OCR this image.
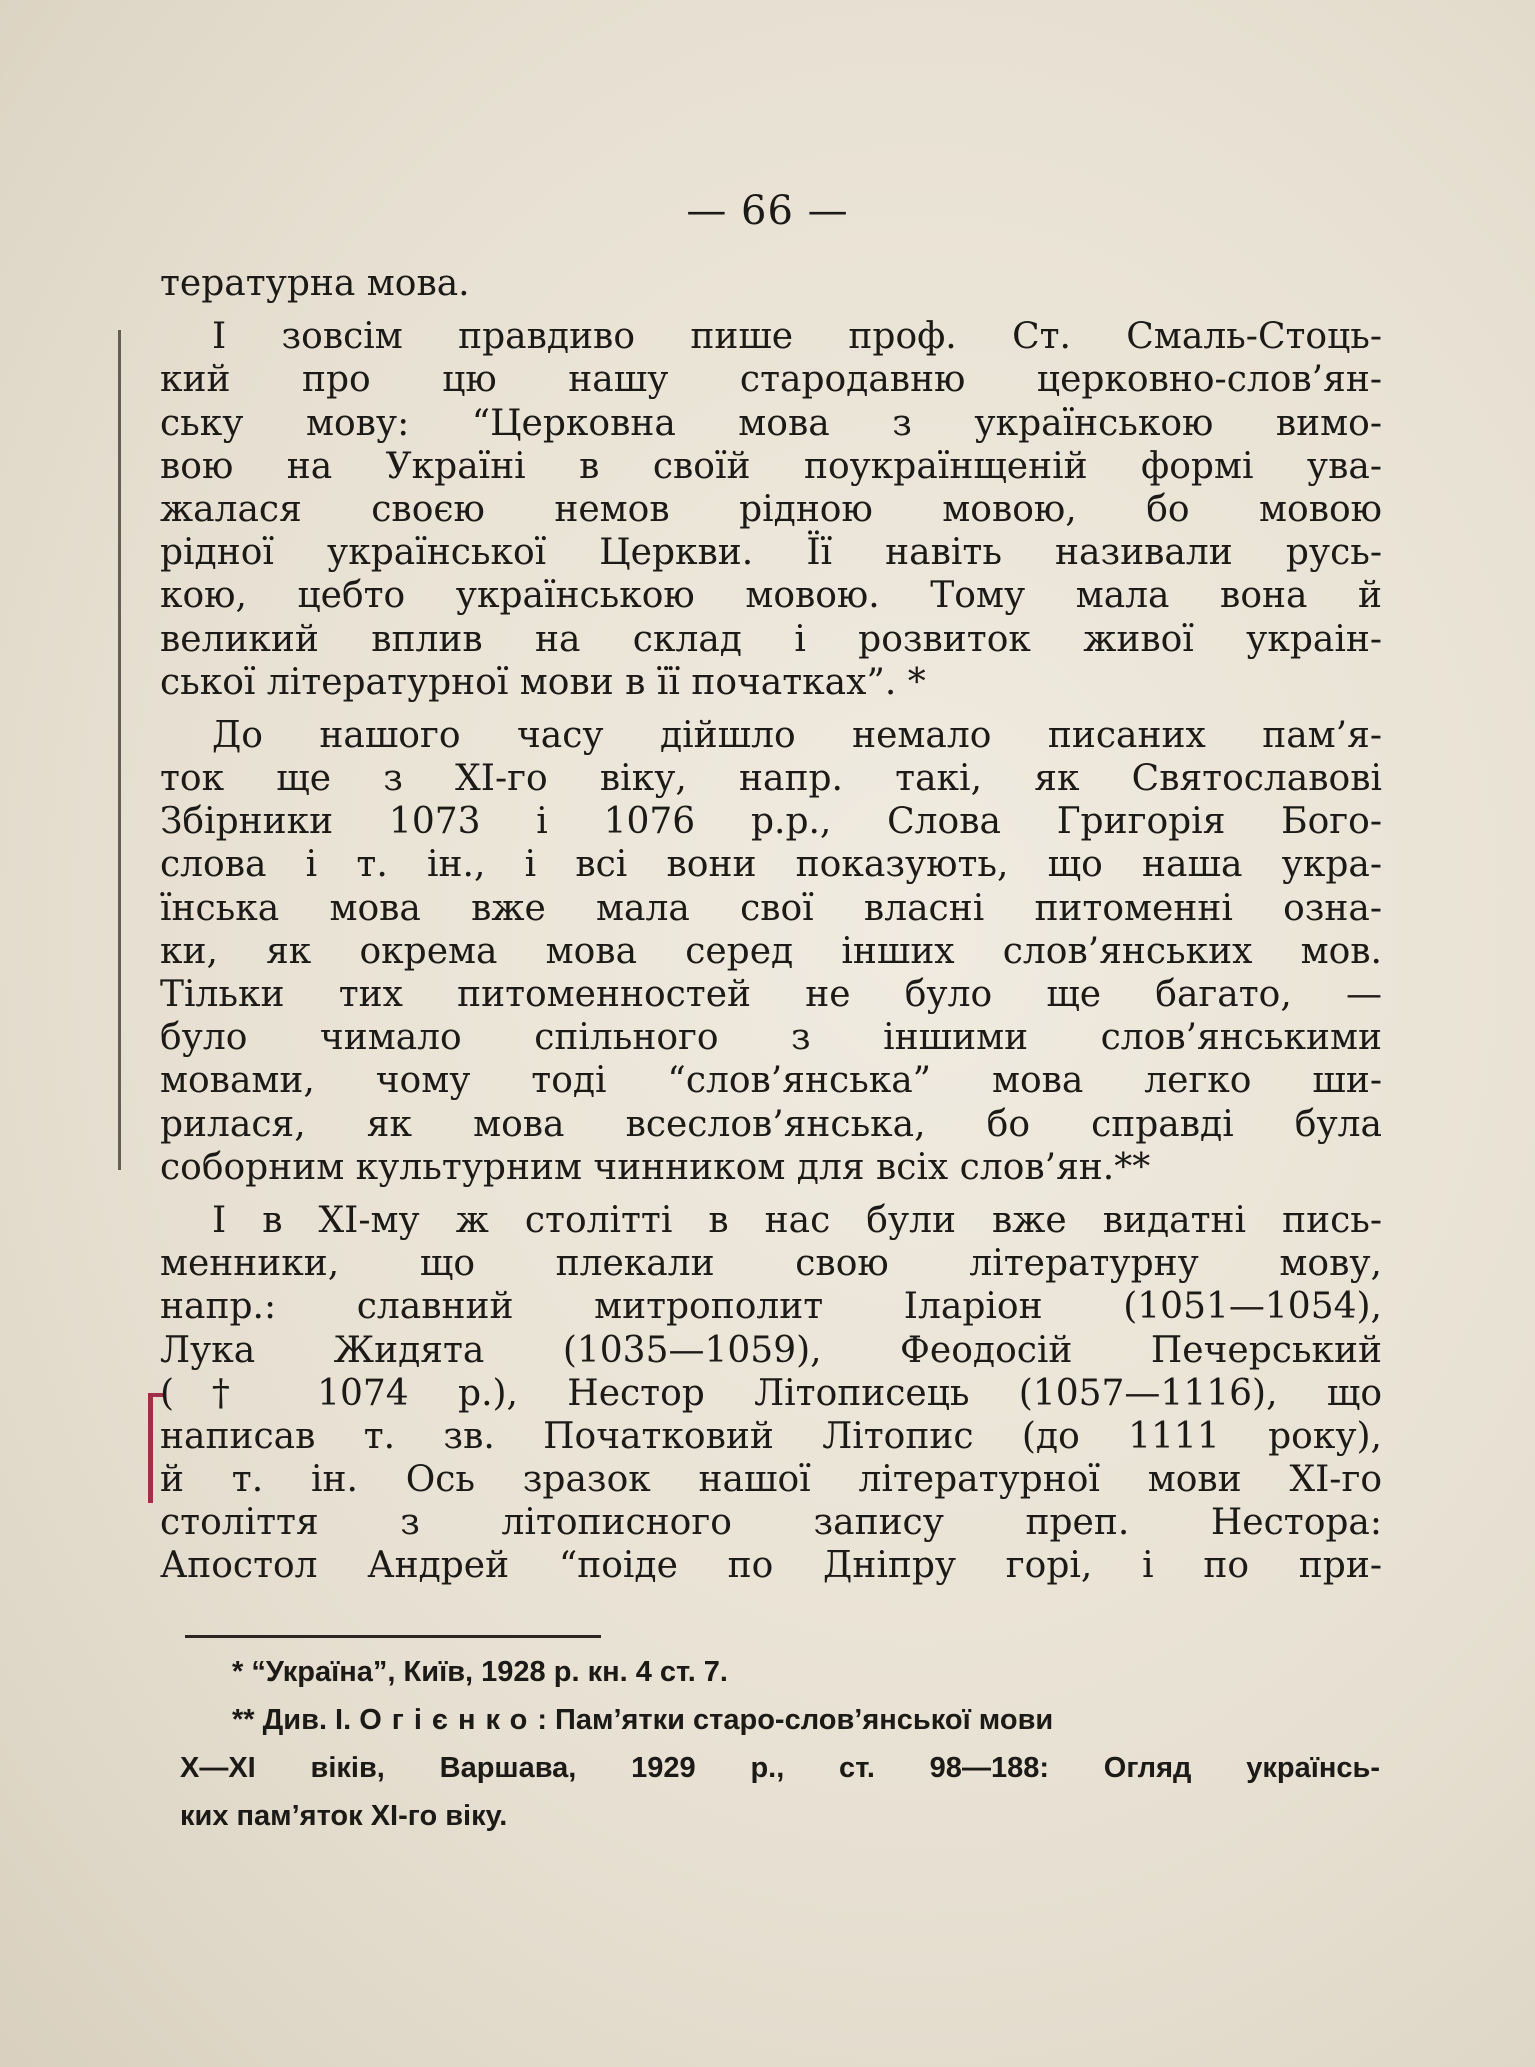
— 66 —
тературна мова.
І зовсім правдиво пише проф. Ст. Смаль-Стоць-
кий про цю нашу стародавню церковно-слов’ян-
ську мову: “Церковна мова з українською вимо-
вою на Україні в своїй поукраїнщеній формі ува-
жалася своєю немов рідною мовою, бо мовою
рідної української Церкви. Її навіть називали русь-
кою, цебто українською мовою. Тому мала вона й
великий вплив на склад і розвиток живої украін-
ської літературної мови в її початках”. *
До нашого часу дійшло немало писаних пам’я-
ток ще з XI-го віку, напр. такі, як Святославові
Збірники 1073 і 1076 р.р., Слова Григорія Бого-
слова і т. ін., і всі вони показують, що наша укра-
їнська мова вже мала свої власні питоменні озна-
ки, як окрема мова серед інших слов’янських мов.
Тільки тих питоменностей не було ще багато, —
було чимало спільного з іншими слов’янськими
мовами, чому тоді “слов’янська” мова легко ши-
рилася, як мова всеслов’янська, бо справді була
соборним культурним чинником для всіх слов’ян.**
І в XI-му ж столітті в нас були вже видатні пись-
менники, що плекали свою літературну мову,
напр.: славний митрополит Іларіон (1051—1054),
Лука Жидята (1035—1059), Феодосій Печерський
(† 1074 р.), Нестор Літописець (1057—1116), що
написав т. зв. Початковий Літопис (до 1111 року),
й т. ін. Ось зразок нашої літературної мови XI-го
століття з літописного запису преп. Нестора:
Апостол Андрей “поіде по Дніпру горі, і по при-
* “Україна”, Київ, 1928 р. кн. 4 ст. 7.
** Див. І. Огієнко: Пам’ятки старо-слов’янської мови
X—XI віків, Варшава, 1929 р., ст. 98—188: Огляд українсь-
ких пам’яток XI-го віку.
